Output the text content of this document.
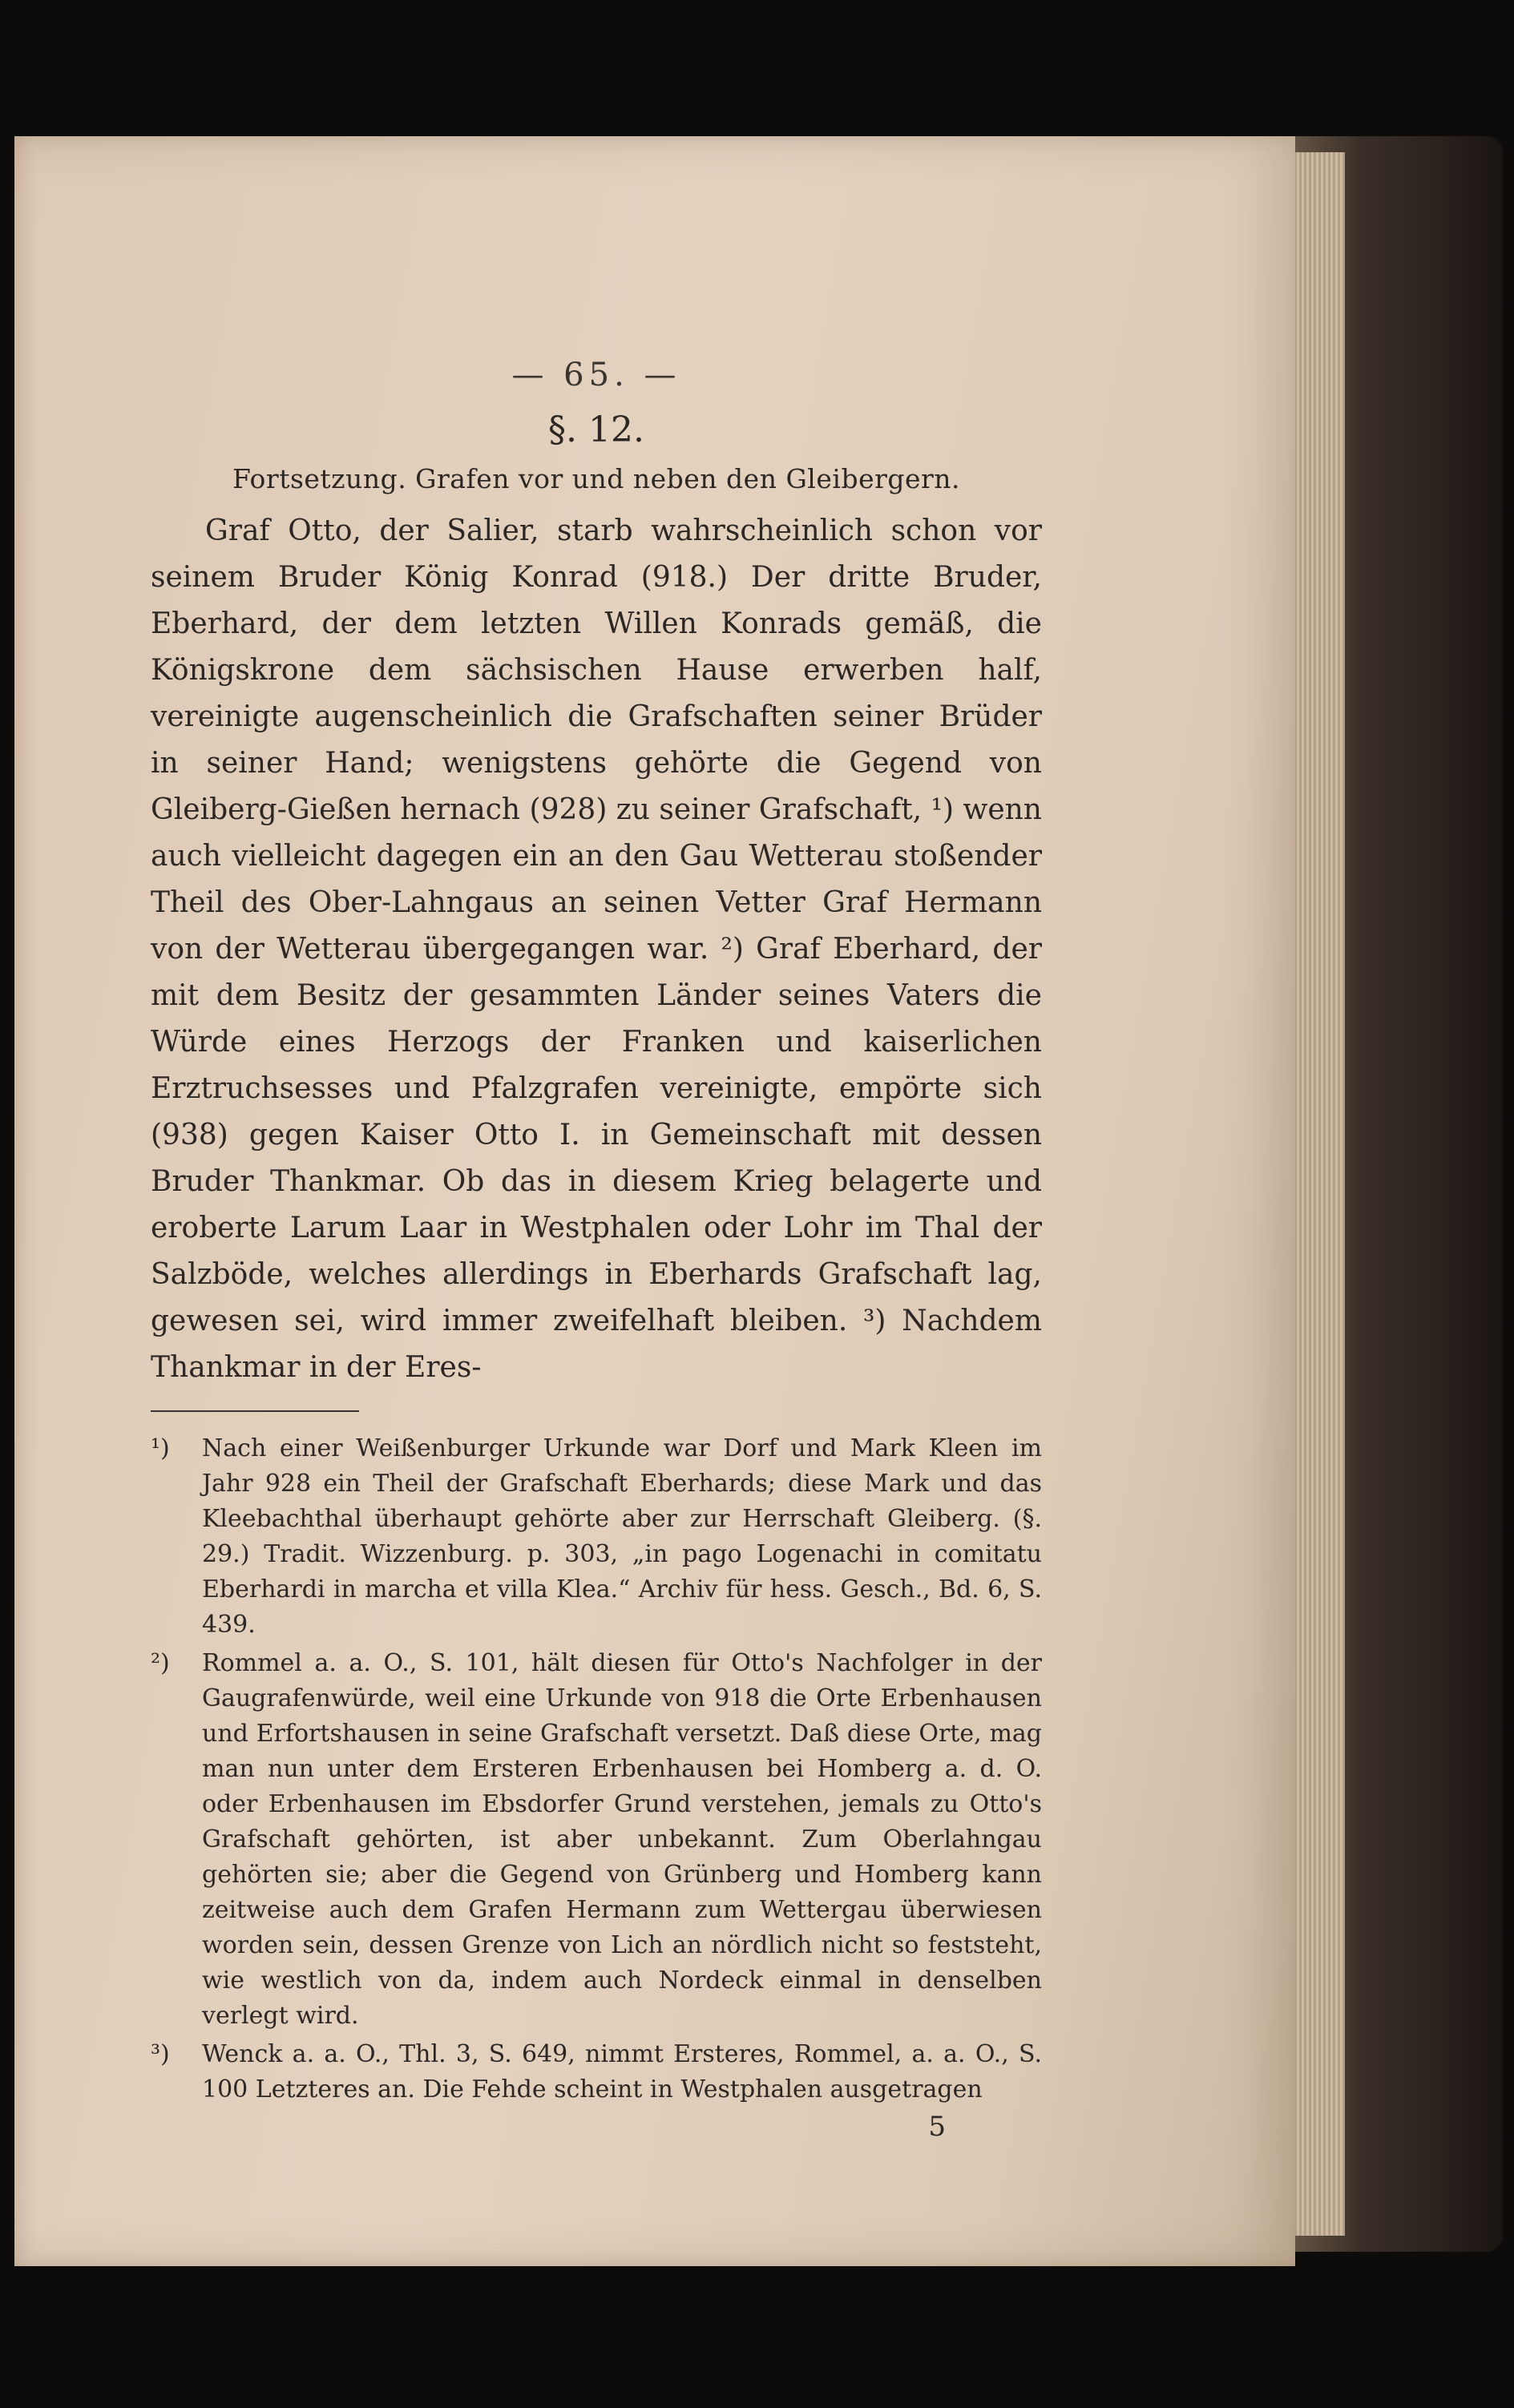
— 65. —
§. 12.
Fortsetzung. Grafen vor und neben den Gleibergern.
Graf Otto, der Salier, starb wahrscheinlich schon vor seinem Bruder König Konrad (918.) Der dritte Bruder, Eberhard, der dem letzten Willen Konrads gemäß, die Königskrone dem sächsischen Hause erwerben half, vereinigte augenscheinlich die Grafschaften seiner Brüder in seiner Hand; wenigstens gehörte die Gegend von Gleiberg-Gießen hernach (928) zu seiner Grafschaft, ¹) wenn auch vielleicht dagegen ein an den Gau Wetterau stoßender Theil des Ober-Lahngaus an seinen Vetter Graf Hermann von der Wetterau übergegangen war. ²) Graf Eberhard, der mit dem Besitz der gesammten Länder seines Vaters die Würde eines Herzogs der Franken und kaiserlichen Erztruchsesses und Pfalzgrafen vereinigte, empörte sich (938) gegen Kaiser Otto I. in Gemeinschaft mit dessen Bruder Thankmar. Ob das in diesem Krieg belagerte und eroberte Larum Laar in Westphalen oder Lohr im Thal der Salzböde, welches allerdings in Eberhards Grafschaft lag, gewesen sei, wird immer zweifelhaft bleiben. ³) Nachdem Thankmar in der Eres-
¹) Nach einer Weißenburger Urkunde war Dorf und Mark Kleen im Jahr 928 ein Theil der Grafschaft Eberhards; diese Mark und das Kleebachthal überhaupt gehörte aber zur Herrschaft Gleiberg. (§. 29.) Tradit. Wizzenburg. p. 303, „in pago Logenachi in comitatu Eberhardi in marcha et villa Klea.“ Archiv für hess. Gesch., Bd. 6, S. 439.
²) Rommel a. a. O., S. 101, hält diesen für Otto's Nachfolger in der Gaugrafenwürde, weil eine Urkunde von 918 die Orte Erbenhausen und Erfortshausen in seine Grafschaft versetzt. Daß diese Orte, mag man nun unter dem Ersteren Erbenhausen bei Homberg a. d. O. oder Erbenhausen im Ebsdorfer Grund verstehen, jemals zu Otto's Grafschaft gehörten, ist aber unbekannt. Zum Oberlahngau gehörten sie; aber die Gegend von Grünberg und Homberg kann zeitweise auch dem Grafen Hermann zum Wettergau überwiesen worden sein, dessen Grenze von Lich an nördlich nicht so feststeht, wie westlich von da, indem auch Nordeck einmal in denselben verlegt wird.
³) Wenck a. a. O., Thl. 3, S. 649, nimmt Ersteres, Rommel, a. a. O., S. 100 Letzteres an. Die Fehde scheint in Westphalen ausgetragen
5
